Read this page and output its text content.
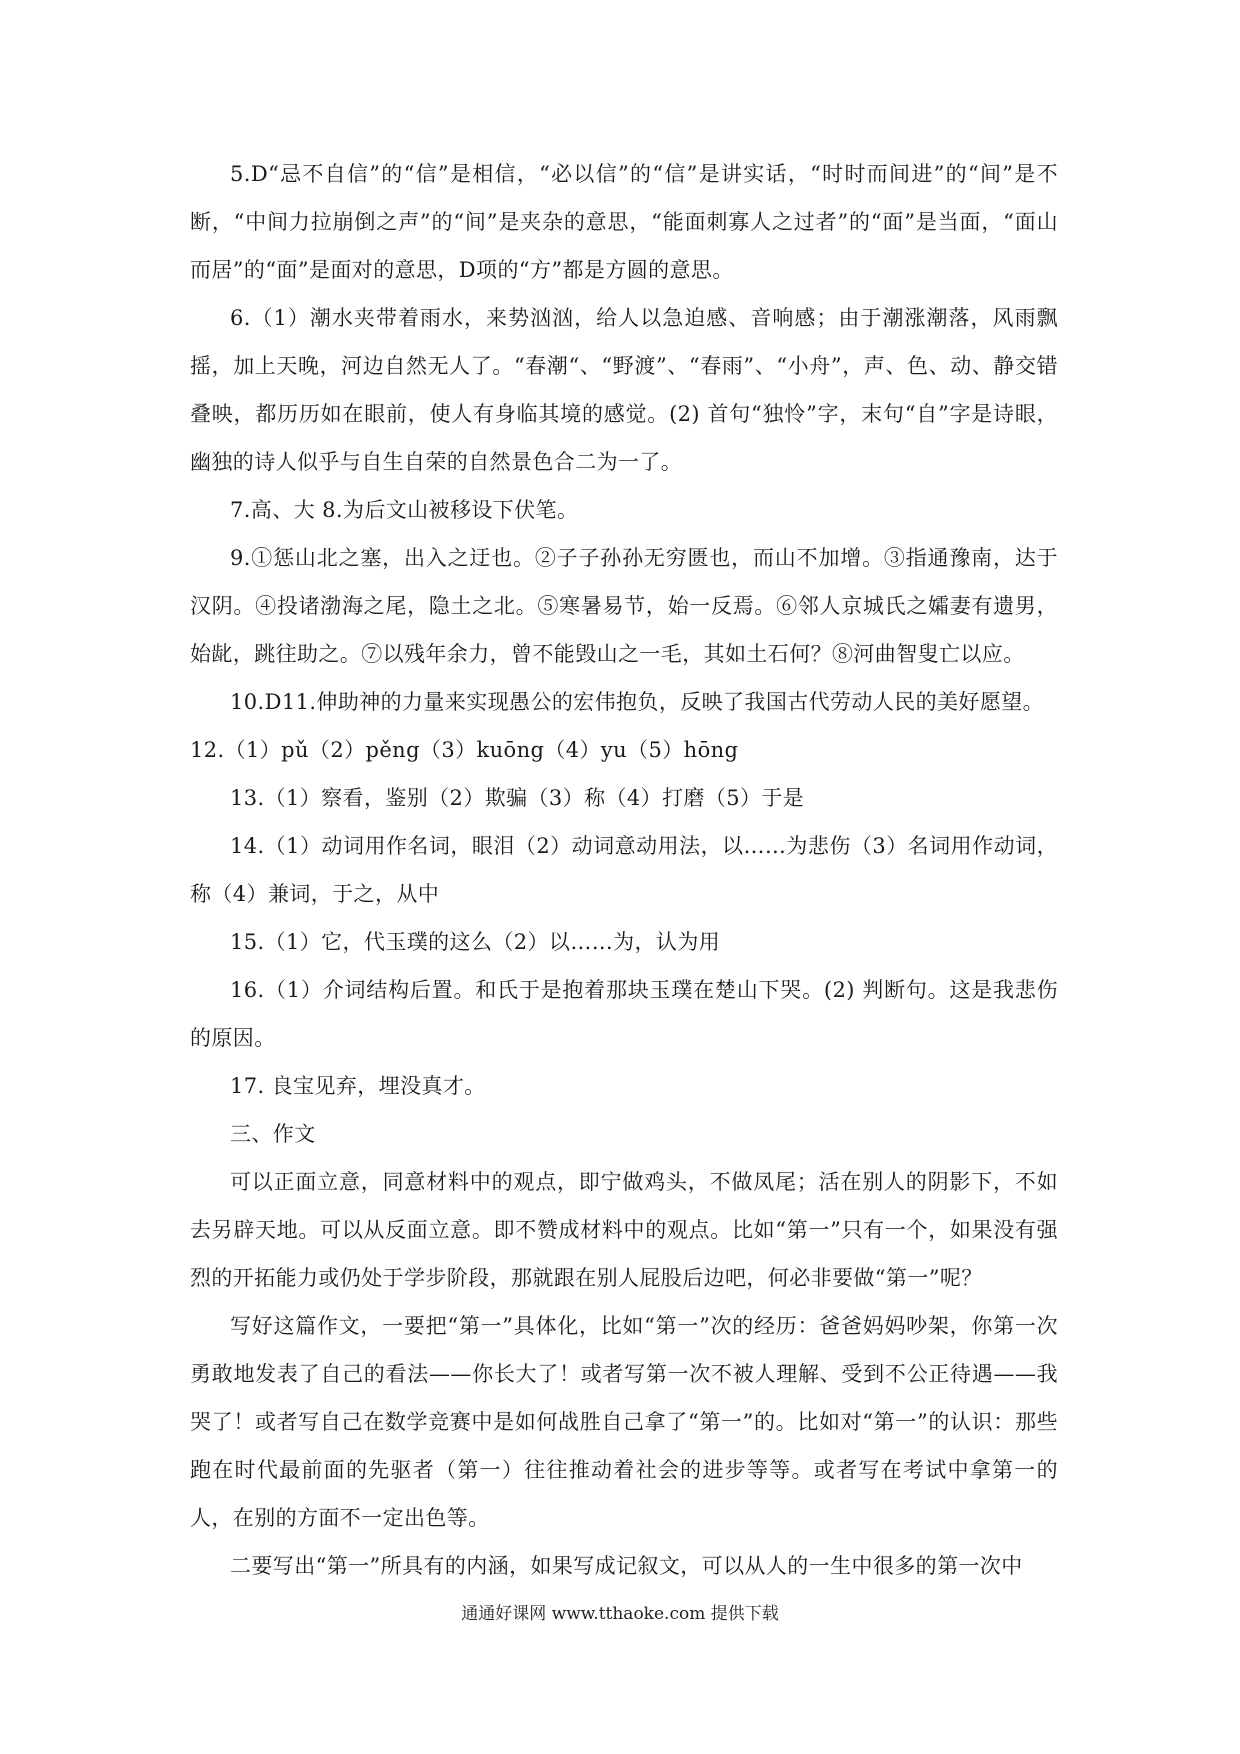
5.D“忌不自信”的“信”是相信，“必以信”的“信”是讲实话，“时时而间进”的“间”是不断，“中间力拉崩倒之声”的“间”是夹杂的意思，“能面刺寡人之过者”的“面”是当面，“面山而居”的“面”是面对的意思，D项的“方”都是方圆的意思。

6.（1）潮水夹带着雨水，来势汹汹，给人以急迫感、音响感；由于潮涨潮落，风雨飘摇，加上天晚，河边自然无人了。“春潮“、“野渡”、“春雨”、“小舟”，声、色、动、静交错叠映，都历历如在眼前，使人有身临其境的感觉。(2) 首句“独怜”字，末句“自”字是诗眼，幽独的诗人似乎与自生自荣的自然景色合二为一了。

7.高、大 8.为后文山被移设下伏笔。

9.①惩山北之塞，出入之迂也。②子子孙孙无穷匮也，而山不加增。③指通豫南，达于汉阴。④投诸渤海之尾，隐土之北。⑤寒暑易节，始一反焉。⑥邻人京城氏之孀妻有遗男，始龀，跳往助之。⑦以残年余力，曾不能毁山之一毛，其如土石何？⑧河曲智叟亡以应。

10.D11.伸助神的力量来实现愚公的宏伟抱负，反映了我国古代劳动人民的美好愿望。

12.（1）pǔ（2）pěng（3）kuōng（4）yu（5）hōng

13.（1）察看，鉴别（2）欺骗（3）称（4）打磨（5）于是

14.（1）动词用作名词，眼泪（2）动词意动用法，以……为悲伤（3）名词用作动词，称（4）兼词，于之，从中

15.（1）它，代玉璞的这么（2）以……为，认为用

16.（1）介词结构后置。和氏于是抱着那块玉璞在楚山下哭。(2) 判断句。这是我悲伤的原因。

17. 良宝见弃，埋没真才。

三、作文

可以正面立意，同意材料中的观点，即宁做鸡头，不做凤尾；活在别人的阴影下，不如去另辟天地。可以从反面立意。即不赞成材料中的观点。比如“第一”只有一个，如果没有强烈的开拓能力或仍处于学步阶段，那就跟在别人屁股后边吧，何必非要做“第一”呢？

写好这篇作文，一要把“第一”具体化，比如“第一”次的经历：爸爸妈妈吵架，你第一次勇敢地发表了自己的看法——你长大了！或者写第一次不被人理解、受到不公正待遇——我哭了！或者写自己在数学竞赛中是如何战胜自己拿了“第一”的。比如对“第一”的认识：那些跑在时代最前面的先驱者（第一）往往推动着社会的进步等等。或者写在考试中拿第一的人，在别的方面不一定出色等。

二要写出“第一”所具有的内涵，如果写成记叙文，可以从人的一生中很多的第一次中

通通好课网 www.tthaoke.com 提供下载
